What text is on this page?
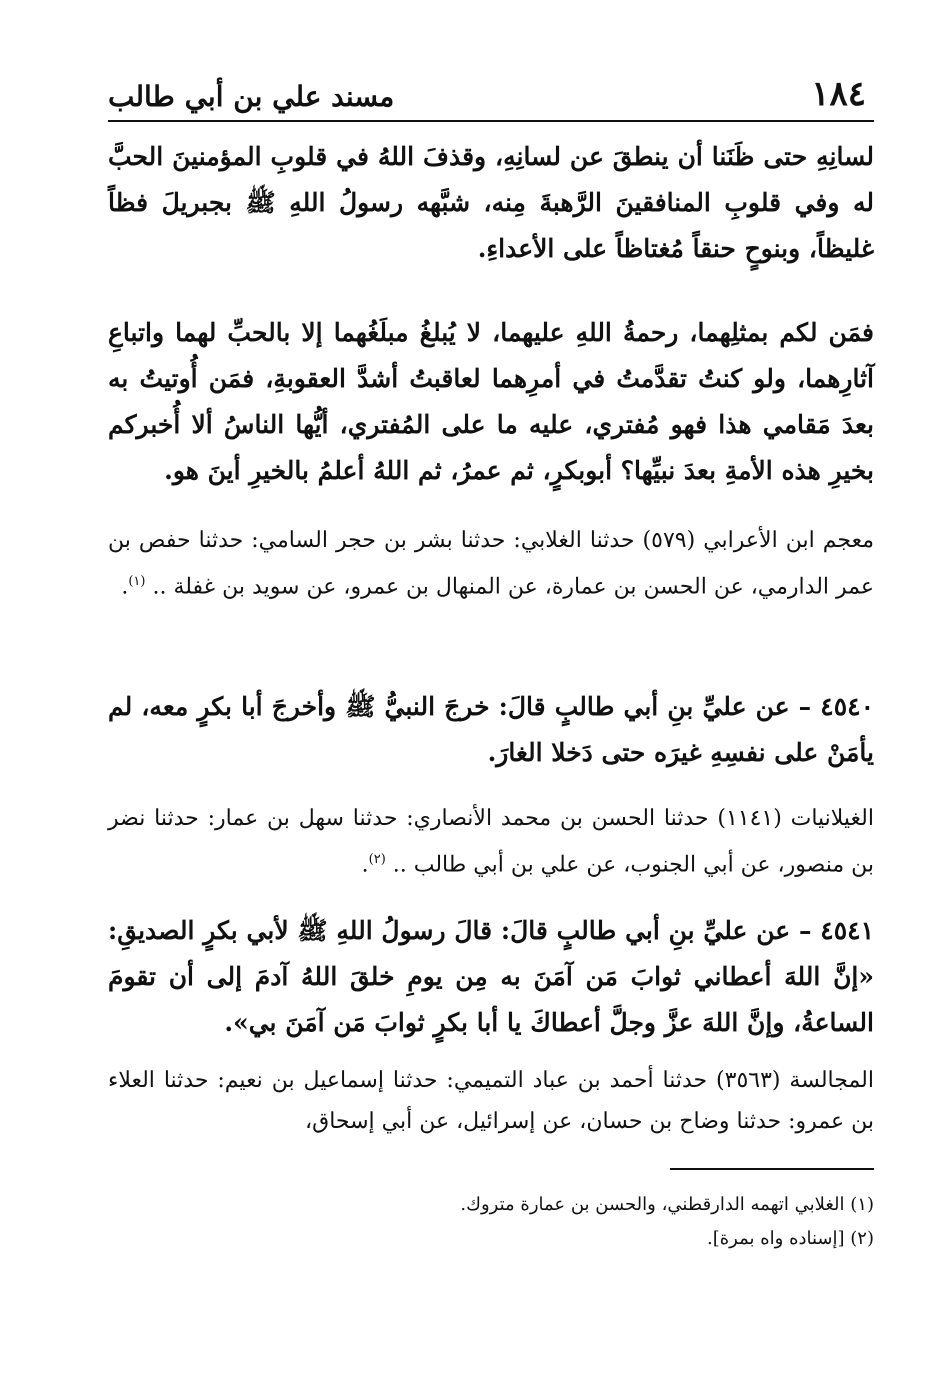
١٨٤
مسند علي بن أبي طالب

لسانِهِ حتى ظَنَنا أن ينطقَ عن لسانِهِ، وقذفَ اللهُ في قلوبِ المؤمنينَ الحبَّ له وفي قلوبِ المنافقينَ الرَّهبةَ مِنه، شبَّهه رسولُ اللهِ ﷺ بجبريلَ فظاً غليظاً، وبنوحٍ حنقاً مُغتاظاً على الأعداءِ.

فمَن لكم بمثلِهما، رحمةُ اللهِ عليهما، لا يُبلغُ مبلَغُهما إلا بالحبِّ لهما واتباعِ آثارِهما، ولو كنتُ تقدَّمتُ في أمرِهما لعاقبتُ أشدَّ العقوبةِ، فمَن أُوتيتُ به بعدَ مَقامي هذا فهو مُفتري، عليه ما على المُفتري، أيُّها الناسُ ألا أُخبركم بخيرِ هذه الأمةِ بعدَ نبيِّها؟ أبوبكرٍ، ثم عمرُ، ثم اللهُ أعلمُ بالخيرِ أينَ هو.

معجم ابن الأعرابي (٥٧٩) حدثنا الغلابي: حدثنا بشر بن حجر السامي: حدثنا حفص بن عمر الدارمي، عن الحسن بن عمارة، عن المنهال بن عمرو، عن سويد بن غفلة .. $^{(١)}$.

٤٥٤٠ – عن عليِّ بنِ أبي طالبٍ قالَ: خرجَ النبيُّ ﷺ وأخرجَ أبا بكرٍ معه، لم يأمَنْ على نفسِهِ غيرَه حتى دَخلا الغارَ.

الغيلانيات (١١٤١) حدثنا الحسن بن محمد الأنصاري: حدثنا سهل بن عمار: حدثنا نضر بن منصور، عن أبي الجنوب، عن علي بن أبي طالب .. $^{(٢)}$.

٤٥٤١ – عن عليِّ بنِ أبي طالبٍ قالَ: قالَ رسولُ اللهِ ﷺ لأبي بكرٍ الصديقِ: «إنَّ اللهَ أعطاني ثوابَ مَن آمَنَ به مِن يومِ خلقَ اللهُ آدمَ إلى أن تقومَ الساعةُ، وإنَّ اللهَ عزَّ وجلَّ أعطاكَ يا أبا بكرٍ ثوابَ مَن آمَنَ بي».

المجالسة (٣٥٦٣) حدثنا أحمد بن عباد التميمي: حدثنا إسماعيل بن نعيم: حدثنا العلاء بن عمرو: حدثنا وضاح بن حسان، عن إسرائيل، عن أبي إسحاق،

(١) الغلابي اتهمه الدارقطني، والحسن بن عمارة متروك.

(٢) [إسناده واه بمرة].
